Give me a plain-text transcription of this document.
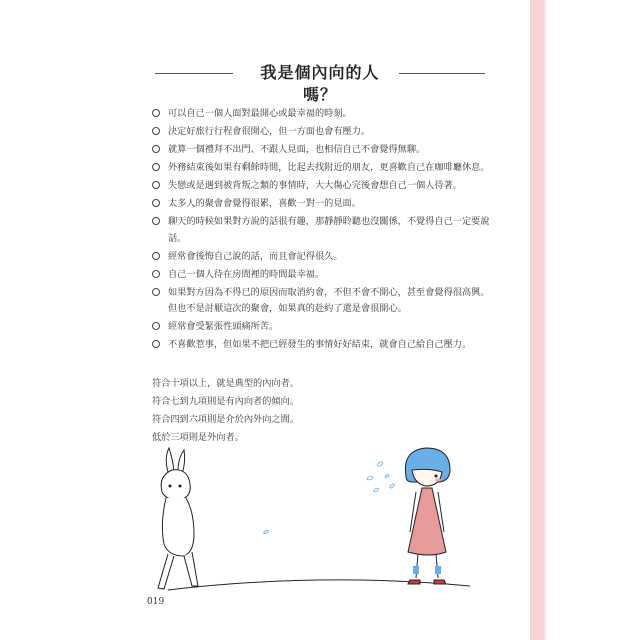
我是個內向的人嗎？
可以自己一個人面對最開心或最幸福的時刻。
決定好旅行行程會很開心，但一方面也會有壓力。
就算一個禮拜不出門、不跟人見面，也相信自己不會覺得無聊。
外務結束後如果有剩餘時間，比起去找附近的朋友，更喜歡自己在咖啡廳休息。
失戀或是遇到被背叛之類的事情時，大大傷心完後會想自己一個人待著。
太多人的聚會會覺得很累，喜歡一對一的見面。
聊天的時候如果對方說的話很有趣，那靜靜聆聽也沒關係，不覺得自己一定要說話。
經常會後悔自己說的話，而且會記得很久。
自己一個人待在房間裡的時間最幸福。
如果對方因為不得已的原因而取消約會，不但不會不開心，甚至會覺得很高興。但也不是討厭這次的聚會，如果真的赴約了還是會很開心。
經常會受緊張性頭痛所苦。
不喜歡惹事，但如果不把已經發生的事情好好結束，就會自己給自己壓力。
符合十項以上，就是典型的內向者。
符合七到九項則是有內向者的傾向。
符合四到六項則是介於內外向之間。
低於三項則是外向者。
019
